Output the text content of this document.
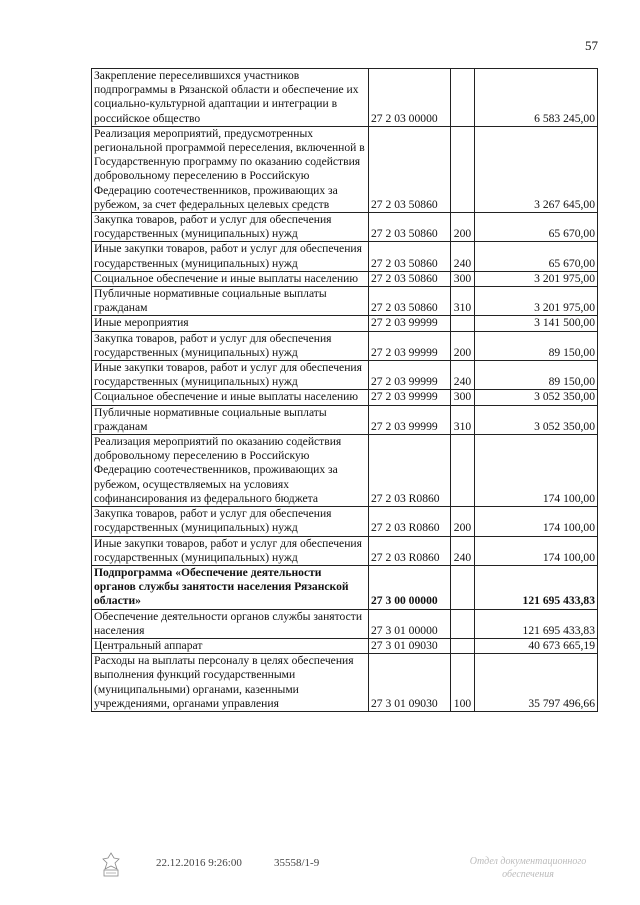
57
Закрепление переселившихся участников подпрограммы в Рязанской области и обеспечение их социально-культурной адаптации и интеграции в российское общество	27 2 03 00000		6 583 245,00
Реализация мероприятий, предусмотренных региональной программой переселения, включенной в Государственную программу по оказанию содействия добровольному переселению в Российскую Федерацию соотечественников, проживающих за рубежом, за счет федеральных целевых средств	27 2 03 50860		3 267 645,00
Закупка товаров, работ и услуг для обеспечения государственных (муниципальных) нужд	27 2 03 50860	200	65 670,00
Иные закупки товаров, работ и услуг для обеспечения государственных (муниципальных) нужд	27 2 03 50860	240	65 670,00
Социальное обеспечение и иные выплаты населению	27 2 03 50860	300	3 201 975,00
Публичные нормативные социальные выплаты гражданам	27 2 03 50860	310	3 201 975,00
Иные мероприятия	27 2 03 99999		3 141 500,00
Закупка товаров, работ и услуг для обеспечения государственных (муниципальных) нужд	27 2 03 99999	200	89 150,00
Иные закупки товаров, работ и услуг для обеспечения государственных (муниципальных) нужд	27 2 03 99999	240	89 150,00
Социальное обеспечение и иные выплаты населению	27 2 03 99999	300	3 052 350,00
Публичные нормативные социальные выплаты гражданам	27 2 03 99999	310	3 052 350,00
Реализация мероприятий по оказанию содействия добровольному переселению в Российскую Федерацию соотечественников, проживающих за рубежом, осуществляемых на условиях софинансирования из федерального бюджета	27 2 03 R0860		174 100,00
Закупка товаров, работ и услуг для обеспечения государственных (муниципальных) нужд	27 2 03 R0860	200	174 100,00
Иные закупки товаров, работ и услуг для обеспечения государственных (муниципальных) нужд	27 2 03 R0860	240	174 100,00
Подпрограмма «Обеспечение деятельности органов службы занятости населения Рязанской области»	27 3 00 00000		121 695 433,83
Обеспечение деятельности органов службы занятости населения	27 3 01 00000		121 695 433,83
Центральный аппарат	27 3 01 09030		40 673 665,19
Расходы на выплаты персоналу в целях обеспечения выполнения функций государственными (муниципальными) органами, казенными учреждениями, органами управления	27 3 01 09030	100	35 797 496,66
22.12.2016 9:26:00	35558/1-9	Отдел документационного обеспечения
